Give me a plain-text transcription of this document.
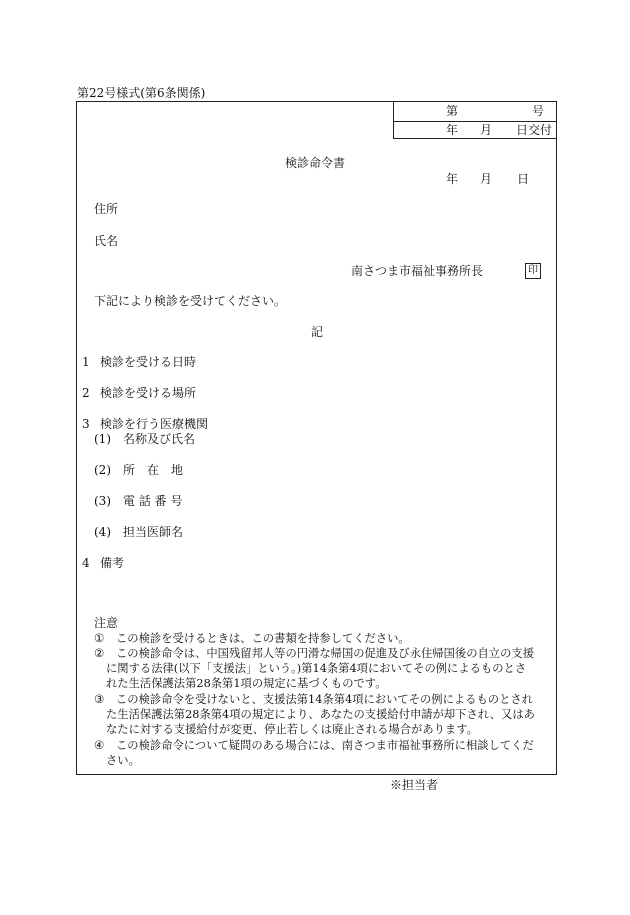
第22号様式(第6条関係)
第	号
年 月 日交付
検診命令書
年 月 日
住所
氏名
南さつま市福祉事務所長	印
下記により検診を受けてください。
記
1 検診を受ける日時
2 検診を受ける場所
3 検診を行う医療機関
(1) 名称及び氏名
(2) 所　在　地
(3) 電 話 番 号
(4) 担当医師名
4 備考
注意
① この検診を受けるときは、この書類を持参してください。
② この検診命令は、中国残留邦人等の円滑な帰国の促進及び永住帰国後の自立の支援
に関する法律(以下「支援法」という。)第14条第4項においてその例によるものとさ
れた生活保護法第28条第1項の規定に基づくものです。
③ この検診命令を受けないと、支援法第14条第4項においてその例によるものとされ
た生活保護法第28条第4項の規定により、あなたの支援給付申請が却下され、又はあ
なたに対する支援給付が変更、停止若しくは廃止される場合があります。
④ この検診命令について疑問のある場合には、南さつま市福祉事務所に相談してくだ
さい。
※担当者
